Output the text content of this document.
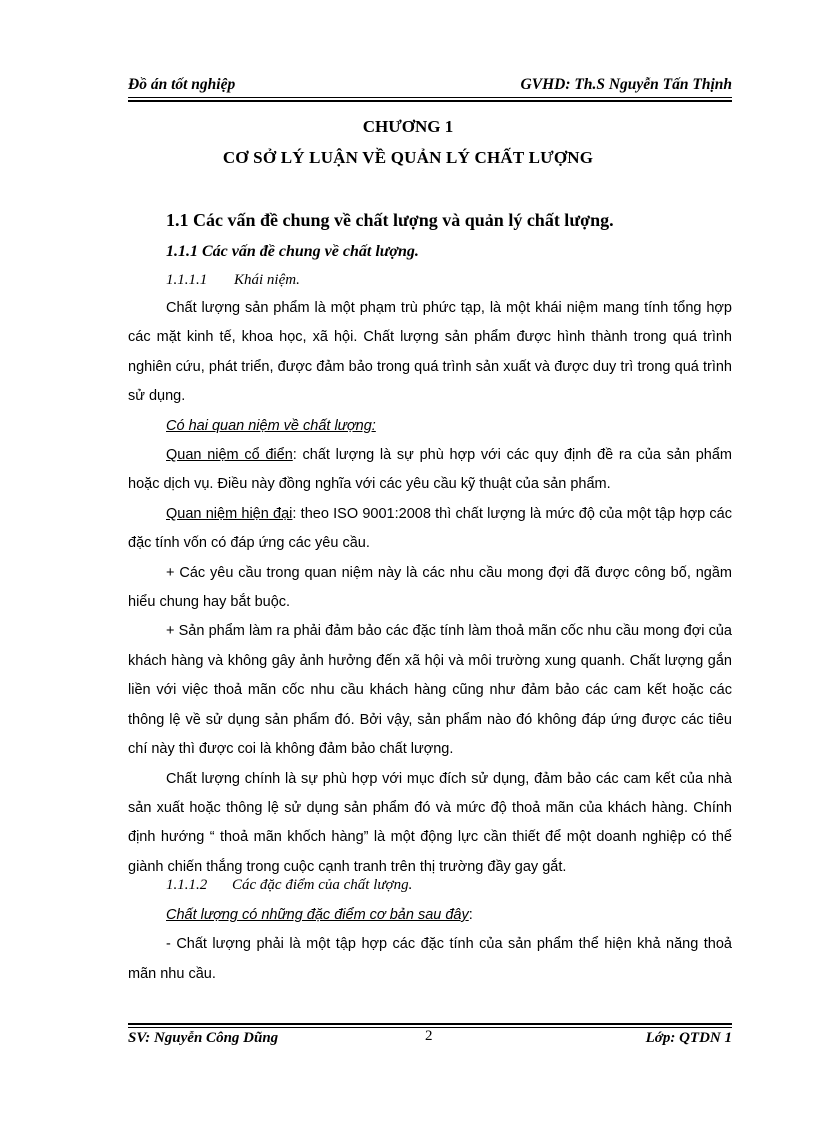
Đồ án tốt nghiệp	GVHD: Th.S Nguyễn Tấn Thịnh
CHƯƠNG 1
CƠ SỞ LÝ LUẬN VỀ QUẢN LÝ CHẤT LƯỢNG
1.1 Các vấn đề chung về chất lượng và quản lý chất lượng.
1.1.1 Các vấn đề chung về chất lượng.
1.1.1.1 Khái niệm.

Chất lượng sản phẩm là một phạm trù phức tạp, là một khái niệm mang tính tổng hợp các mặt kinh tế, khoa học, xã hội. Chất lượng sản phẩm được hình thành trong quá trình nghiên cứu, phát triển, được đảm bảo trong quá trình sản xuất và được duy trì trong quá trình sử dụng.

Có hai quan niệm về chất lượng:

Quan niệm cổ điển: chất lượng là sự phù hợp với các quy định đề ra của sản phẩm hoặc dịch vụ. Điều này đồng nghĩa với các yêu cầu kỹ thuật của sản phẩm.

Quan niệm hiện đại: theo ISO 9001:2008 thì chất lượng là mức độ của một tập hợp các đặc tính vốn có đáp ứng các yêu cầu.

+ Các yêu cầu trong quan niệm này là các nhu cầu mong đợi đã được công bố, ngầm hiểu chung hay bắt buộc.

+ Sản phẩm làm ra phải đảm bảo các đặc tính làm thoả mãn cốc nhu cầu mong đợi của khách hàng và không gây ảnh hưởng đến xã hội và môi trường xung quanh. Chất lượng gắn liền với việc thoả mãn cốc nhu cầu khách hàng cũng như đảm bảo các cam kết hoặc các thông lệ về sử dụng sản phẩm đó. Bởi vậy, sản phẩm nào đó không đáp ứng được các tiêu chí này thì được coi là không đảm bảo chất lượng.

Chất lượng chính là sự phù hợp với mục đích sử dụng, đảm bảo các cam kết của nhà sản xuất hoặc thông lệ sử dụng sản phẩm đó và mức độ thoả mãn của khách hàng. Chính định hướng “ thoả mãn khốch hàng” là một động lực cần thiết để một doanh nghiệp có thể giành chiến thắng trong cuộc cạnh tranh trên thị trường đầy gay gắt.

1.1.1.2 Các đặc điểm của chất lượng.

Chất lượng có những đặc điểm cơ bản sau đây:

- Chất lượng phải là một tập hợp các đặc tính của sản phẩm thể hiện khả năng thoả mãn nhu cầu.

SV: Nguyễn Công Dũng	2	Lớp: QTDN 1
